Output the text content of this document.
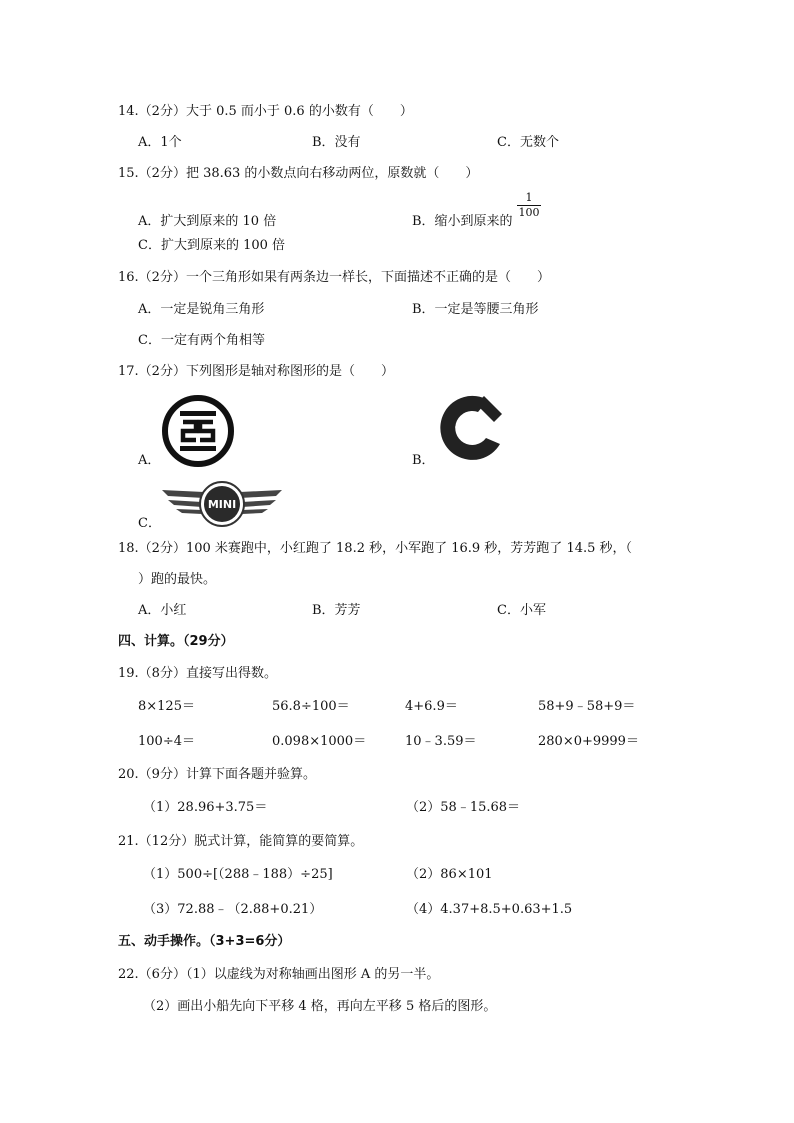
14.（2分）大于 0.5 而小于 0.6 的小数有（　　）
A．1个	B．没有	C．无数个
15.（2分）把 38.63 的小数点向右移动两位，原数就（　　）
A．扩大到原来的 10 倍	B．缩小到原来的
1
100
C．扩大到原来的 100 倍
16.（2分）一个三角形如果有两条边一样长，下面描述不正确的是（　　）
A．一定是锐角三角形	B．一定是等腰三角形
C．一定有两个角相等
17.（2分）下列图形是轴对称图形的是（　　）
A．	B．
MINI
C．
18.（2分）100 米赛跑中，小红跑了 18.2 秒，小军跑了 16.9 秒，芳芳跑了 14.5 秒，（
）跑的最快。
A．小红	B．芳芳	C．小军
四、计算。（29分）
19.（8分）直接写出得数。
8×125＝	56.8÷100＝	4+6.9＝	58+9﹣58+9＝
100÷4＝	0.098×1000＝	10﹣3.59＝	280×0+9999＝
20.（9分）计算下面各题并验算。
（1）28.96+3.75＝	（2）58﹣15.68＝
21.（12分）脱式计算，能简算的要简算。
（1）500÷[（288﹣188）÷25]	（2）86×101
（3）72.88﹣（2.88+0.21）	（4）4.37+8.5+0.63+1.5
五、动手操作。（3+3=6分）
22.（6分）（1）以虚线为对称轴画出图形 A 的另一半。
（2）画出小船先向下平移 4 格，再向左平移 5 格后的图形。
